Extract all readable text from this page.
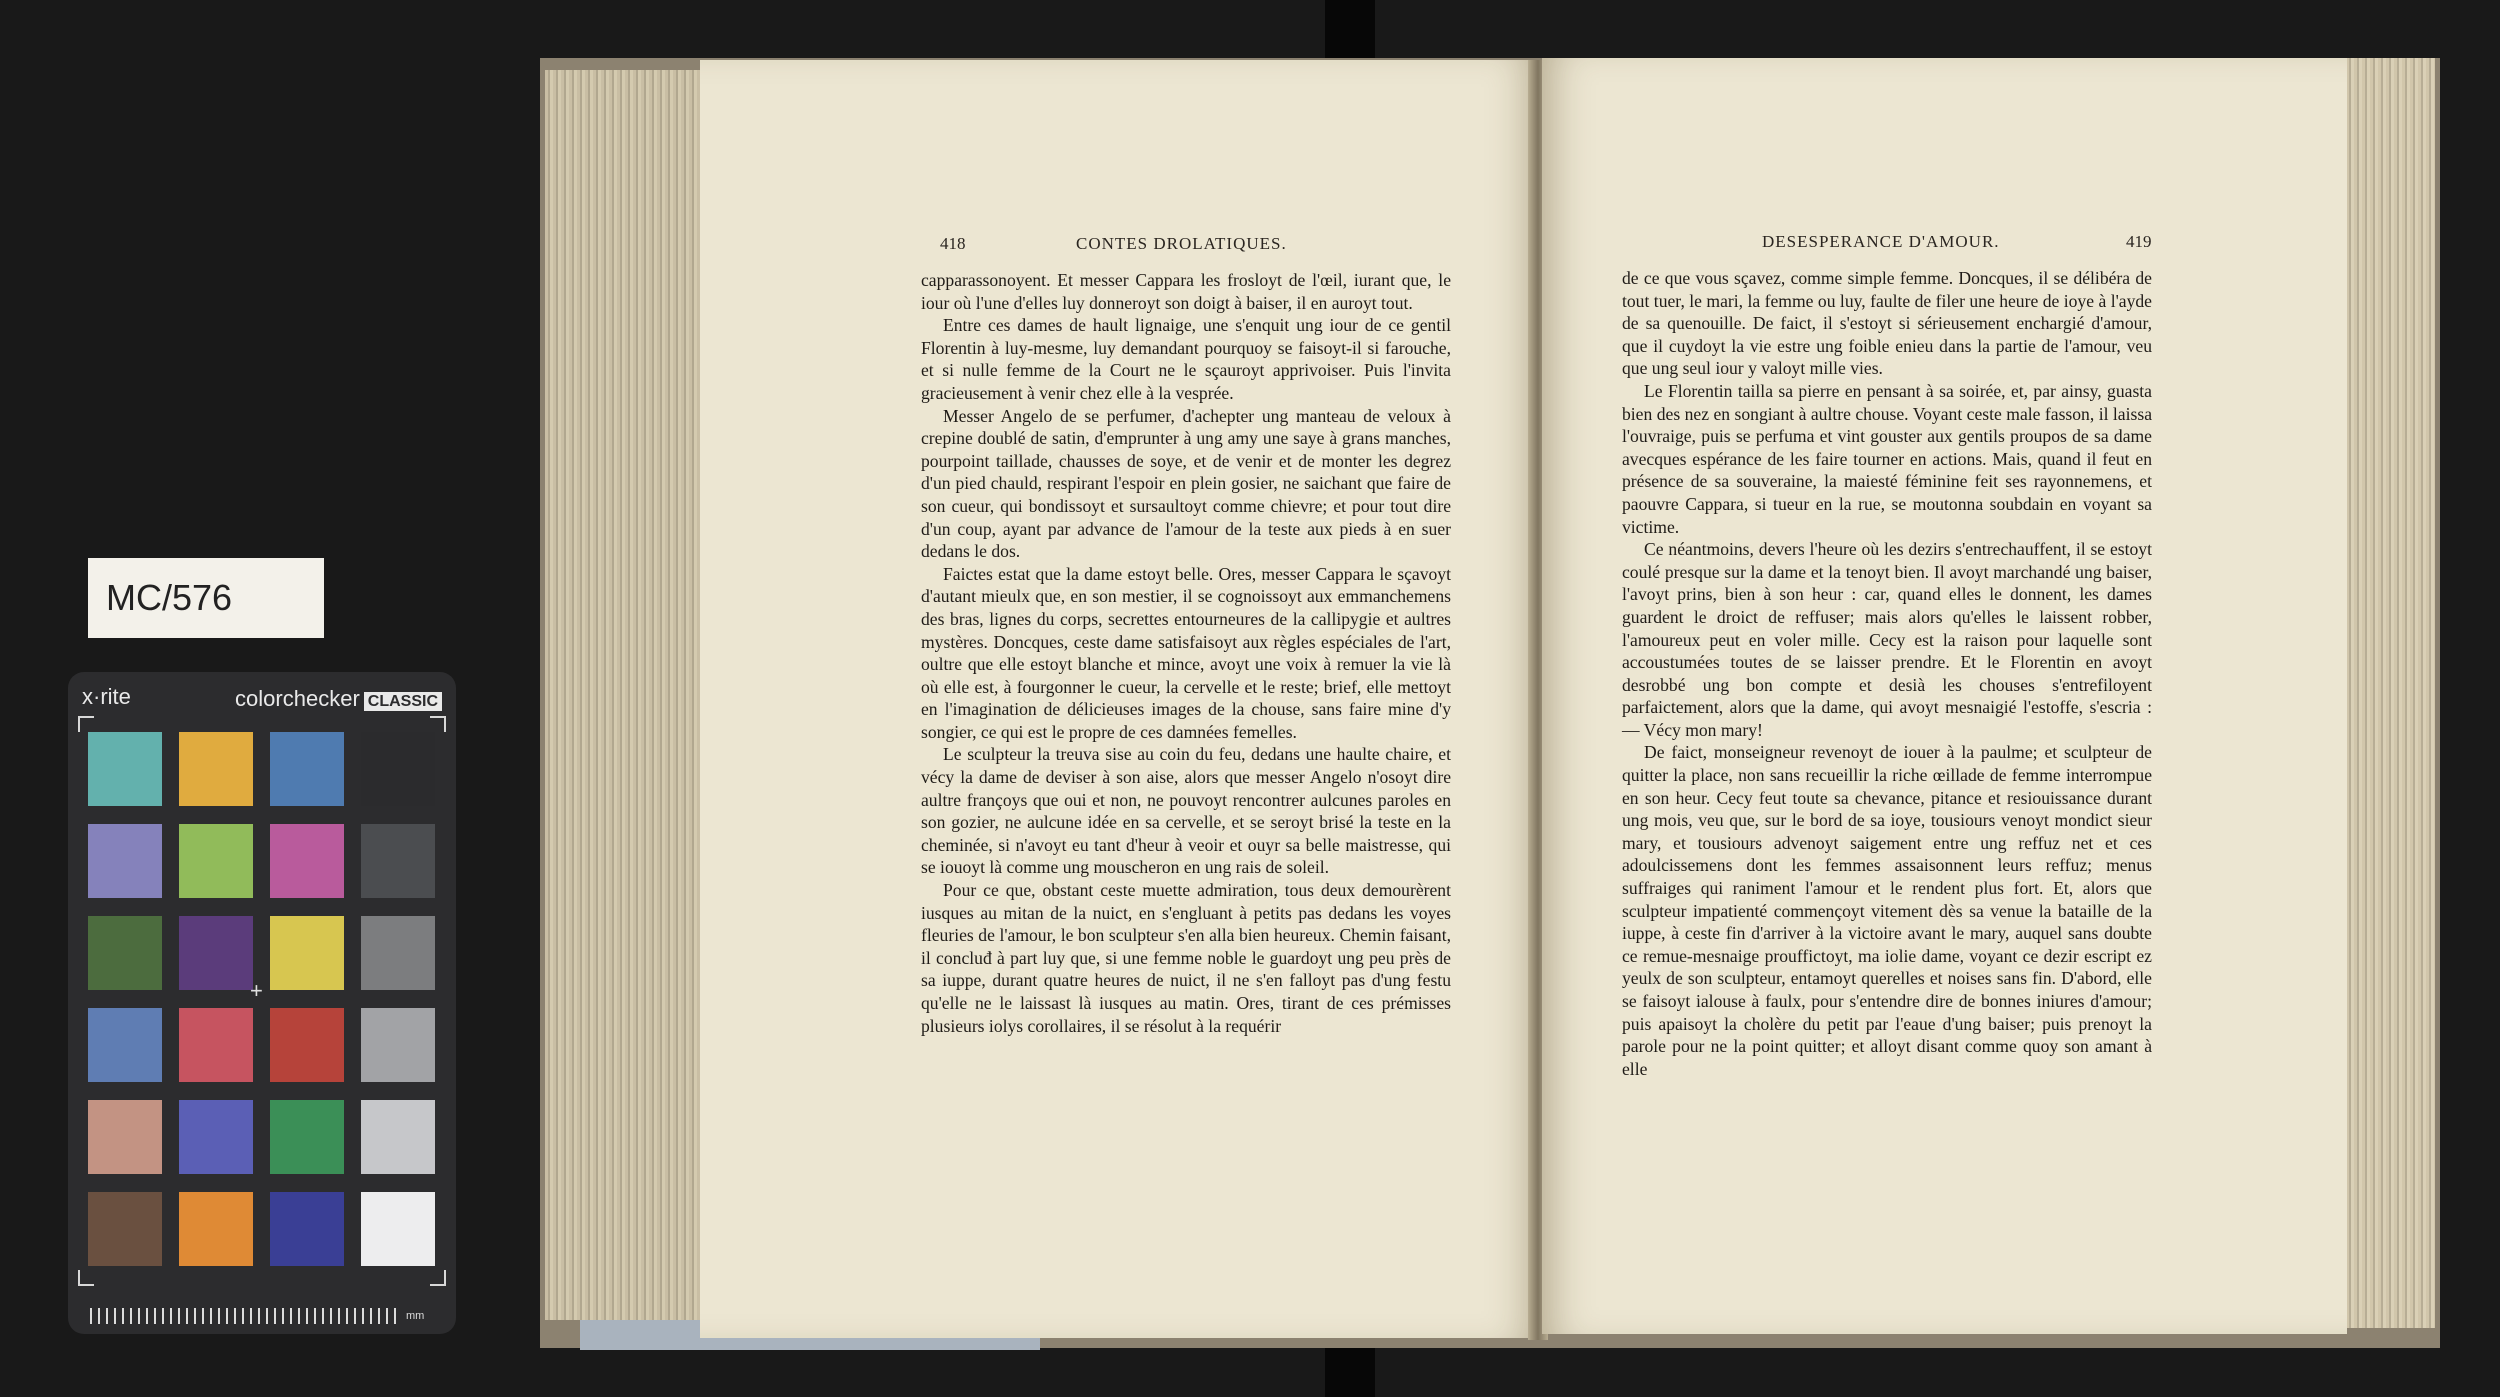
MC/576
x·rite	colorchecker CLASSIC
mm
+
418	CONTES DROLATIQUES.

capparassonoyent. Et messer Cappara les frosloyt de l'œil, iurant que, le iour où l'une d'elles luy donneroyt son doigt à baiser, il en auroyt tout.

Entre ces dames de hault lignaige, une s'enquit ung iour de ce gentil Florentin à luy-mesme, luy demandant pourquoy se faisoyt-il si farouche, et si nulle femme de la Court ne le sçauroyt apprivoiser. Puis l'invita gracieusement à venir chez elle à la vesprée.

Messer Angelo de se perfumer, d'achepter ung manteau de veloux à crepine doublé de satin, d'emprunter à ung amy une saye à grans manches, pourpoint taillade, chausses de soye, et de venir et de monter les degrez d'un pied chauld, respirant l'espoir en plein gosier, ne saichant que faire de son cueur, qui bondissoyt et sursaultoyt comme chievre; et pour tout dire d'un coup, ayant par advance de l'amour de la teste aux pieds à en suer dedans le dos.

Faictes estat que la dame estoyt belle. Ores, messer Cappara le sçavoyt d'autant mieulx que, en son mestier, il se cognoissoyt aux emmanchemens des bras, lignes du corps, secrettes entourneures de la callipygie et aultres mystères. Doncques, ceste dame satisfaisoyt aux règles espéciales de l'art, oultre que elle estoyt blanche et mince, avoyt une voix à remuer la vie là où elle est, à fourgonner le cueur, la cervelle et le reste; brief, elle mettoyt en l'imagination de délicieuses images de la chouse, sans faire mine d'y songier, ce qui est le propre de ces damnées femelles.

Le sculpteur la treuva sise au coin du feu, dedans une haulte chaire, et vécy la dame de deviser à son aise, alors que messer Angelo n'osoyt dire aultre françoys que oui et non, ne pouvoyt rencontrer aulcunes paroles en son gozier, ne aulcune idée en sa cervelle, et se seroyt brisé la teste en la cheminée, si n'avoyt eu tant d'heur à veoir et ouyr sa belle maistresse, qui se iouoyt là comme ung mouscheron en ung rais de soleil.

Pour ce que, obstant ceste muette admiration, tous deux demourèrent iusques au mitan de la nuict, en s'engluant à petits pas dedans les voyes fleuries de l'amour, le bon sculpteur s'en alla bien heureux. Chemin faisant, il concluđ à part luy que, si une femme noble le guardoyt ung peu près de sa iuppe, durant quatre heures de nuict, il ne s'en falloyt pas d'ung festu qu'elle ne le laissast là iusques au matin. Ores, tirant de ces prémisses plusieurs iolys corollaires, il se résolut à la requérir

DESESPERANCE D'AMOUR.	419

de ce que vous sçavez, comme simple femme. Doncques, il se délibéra de tout tuer, le mari, la femme ou luy, faulte de filer une heure de ioye à l'ayde de sa quenouille. De faict, il s'estoyt si sérieusement enchargié d'amour, que il cuydoyt la vie estre ung foible enieu dans la partie de l'amour, veu que ung seul iour y valoyt mille vies.

Le Florentin tailla sa pierre en pensant à sa soirée, et, par ainsy, guasta bien des nez en songiant à aultre chouse. Voyant ceste male fasson, il laissa l'ouvraige, puis se perfuma et vint gouster aux gentils proupos de sa dame avecques espérance de les faire tourner en actions. Mais, quand il feut en présence de sa souveraine, la maiesté féminine feit ses rayonnemens, et paouvre Cappara, si tueur en la rue, se moutonna soubdain en voyant sa victime.

Ce néantmoins, devers l'heure où les dezirs s'entrechauffent, il se estoyt coulé presque sur la dame et la tenoyt bien. Il avoyt marchandé ung baiser, l'avoyt prins, bien à son heur : car, quand elles le donnent, les dames guardent le droict de reffuser; mais alors qu'elles le laissent robber, l'amoureux peut en voler mille. Cecy est la raison pour laquelle sont accoustumées toutes de se laisser prendre. Et le Florentin en avoyt desrobbé ung bon compte et desià les chouses s'entrefiloyent parfaictement, alors que la dame, qui avoyt mesnaigié l'estoffe, s'escria : — Vécy mon mary!

De faict, monseigneur revenoyt de iouer à la paulme; et sculpteur de quitter la place, non sans recueillir la riche œillade de femme interrompue en son heur. Cecy feut toute sa chevance, pitance et resiouissance durant ung mois, veu que, sur le bord de sa ioye, tousiours venoyt mondict sieur mary, et tousiours advenoyt saigement entre ung reffuz net et ces adoulcissemens dont les femmes assaisonnent leurs reffuz; menus suffraiges qui raniment l'amour et le rendent plus fort. Et, alors que sculpteur impatienté commençoyt vitement dès sa venue la bataille de la iuppe, à ceste fin d'arriver à la victoire avant le mary, auquel sans doubte ce remue-mesnaige prouffictoyt, ma iolie dame, voyant ce dezir escript ez yeulx de son sculpteur, entamoyt querelles et noises sans fin. D'abord, elle se faisoyt ialouse à faulx, pour s'entendre dire de bonnes iniures d'amour; puis apaisoyt la cholère du petit par l'eaue d'ung baiser; puis prenoyt la parole pour ne la point quitter; et alloyt disant comme quoy son amant à elle
